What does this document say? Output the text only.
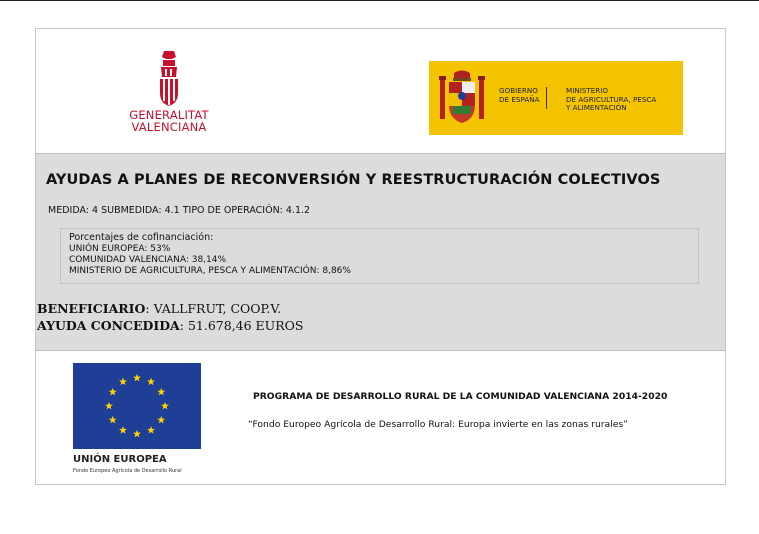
GENERALITAT
VALENCIANA
GOBIERNO
DE ESPAÑA
MINISTERIO
DE AGRICULTURA, PESCA
Y ALIMENTACIÓN
AYUDAS A PLANES DE RECONVERSIÓN Y REESTRUCTURACIÓN COLECTIVOS
MEDIDA: 4 SUBMEDIDA: 4.1 TIPO DE OPERACIÓN: 4.1.2
Porcentajes de cofinanciación:
UNIÓN EUROPEA: 53%
COMUNIDAD VALENCIANA: 38,14%
MINISTERIO DE AGRICULTURA, PESCA Y ALIMENTACIÓN: 8,86%
BENEFICIARIO: VALLFRUT, COOP.V.
AYUDA CONCEDIDA: 51.678,46 EUROS
UNIÓN EUROPEA
Fondo Europeo Agrícola de Desarrollo Rural
PROGRAMA DE DESARROLLO RURAL DE LA COMUNIDAD VALENCIANA 2014-2020
“Fondo Europeo Agrícola de Desarrollo Rural: Europa invierte en las zonas rurales”
